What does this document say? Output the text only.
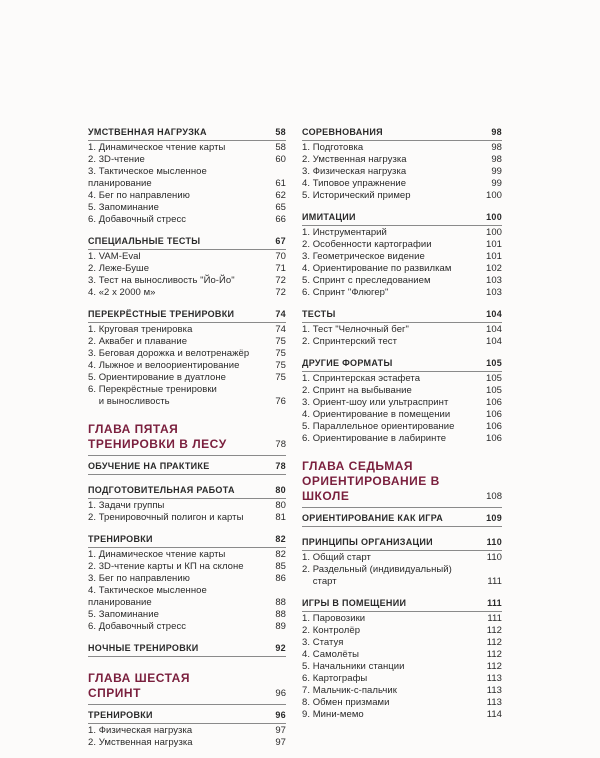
УМСТВЕННАЯ НАГРУЗКА	58
1. Динамическое чтение карты	58
2. 3D-чтение	60
3. Тактическое мысленное
планирование	61
4. Бег по направлению	62
5. Запоминание	65
6. Добавочный стресс	66
СПЕЦИАЛЬНЫЕ ТЕСТЫ	67
1. VAM-Eval	70
2. Леже-Буше	71
3. Тест на выносливость "Йо-Йо"	72
4. «2 х 2000 м»	72
ПЕРЕКРЁСТНЫЕ ТРЕНИРОВКИ	74
1. Круговая тренировка	74
2. Аквабег и плавание	75
3. Беговая дорожка и велотренажёр	75
4. Лыжное и велоориентирование	75
5. Ориентирование в дуатлоне	75
6. Перекрёстные тренировки
и выносливость	76
ГЛАВА ПЯТАЯ
ТРЕНИРОВКИ В ЛЕСУ	78
ОБУЧЕНИЕ НА ПРАКТИКЕ	78
ПОДГОТОВИТЕЛЬНАЯ РАБОТА	80
1. Задачи группы	80
2. Тренировочный полигон и карты	81
ТРЕНИРОВКИ	82
1. Динамическое чтение карты	82
2. 3D-чтение карты и КП на склоне	85
3. Бег по направлению	86
4. Тактическое мысленное
планирование	88
5. Запоминание	88
6. Добавочный стресс	89
НОЧНЫЕ ТРЕНИРОВКИ	92
ГЛАВА ШЕСТАЯ
СПРИНТ	96
ТРЕНИРОВКИ	96
1. Физическая нагрузка	97
2. Умственная нагрузка	97
СОРЕВНОВАНИЯ	98
1. Подготовка	98
2. Умственная нагрузка	98
3. Физическая нагрузка	99
4. Типовое упражнение	99
5. Исторический пример	100
ИМИТАЦИИ	100
1. Инструментарий	100
2. Особенности картографии	101
3. Геометрическое видение	101
4. Ориентирование по развилкам	102
5. Спринт с преследованием	103
6. Спринт "Флюгер"	103
ТЕСТЫ	104
1. Тест "Челночный бег"	104
2. Спринтерский тест	104
ДРУГИЕ ФОРМАТЫ	105
1. Спринтерская эстафета	105
2. Спринт на выбывание	105
3. Ориент-шоу или ультраспринт	106
4. Ориентирование в помещении	106
5. Параллельное ориентирование	106
6. Ориентирование в лабиринте	106
ГЛАВА СЕДЬМАЯ
ОРИЕНТИРОВАНИЕ В ШКОЛЕ	108
ОРИЕНТИРОВАНИЕ КАК ИГРА	109
ПРИНЦИПЫ ОРГАНИЗАЦИИ	110
1. Общий старт	110
2. Раздельный (индивидуальный)
старт	111
ИГРЫ В ПОМЕЩЕНИИ	111
1. Паровозики	111
2. Контролёр	112
3. Статуя	112
4. Самолёты	112
5. Начальники станции	112
6. Картографы	113
7. Мальчик-с-пальчик	113
8. Обмен призмами	113
9. Мини-мемо	114
